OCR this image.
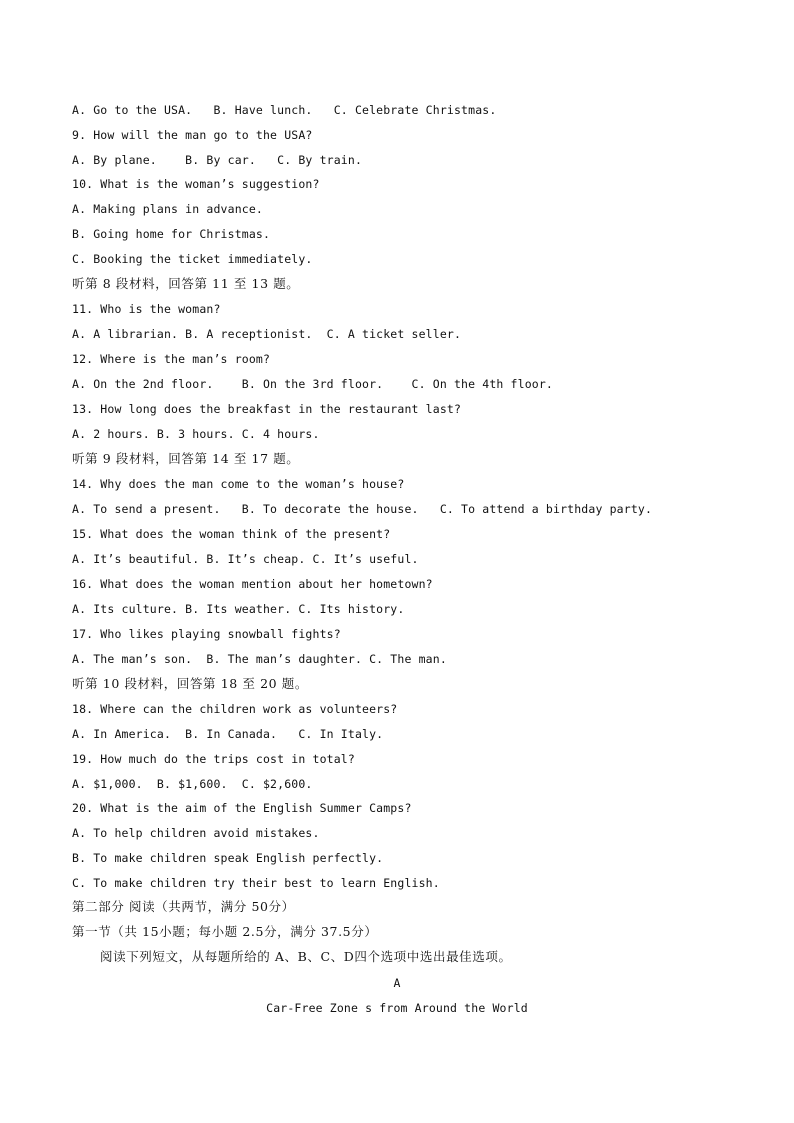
A. Go to the USA.   B. Have lunch.   C. Celebrate Christmas.
9. How will the man go to the USA?
A. By plane.    B. By car.   C. By train.
10. What is the woman’s suggestion?
A. Making plans in advance.
B. Going home for Christmas.
C. Booking the ticket immediately.
听第 8 段材料，回答第 11 至 13 题。
11. Who is the woman?
A. A librarian. B. A receptionist.  C. A ticket seller.
12. Where is the man’s room?
A. On the 2nd floor.    B. On the 3rd floor.    C. On the 4th floor.
13. How long does the breakfast in the restaurant last?
A. 2 hours. B. 3 hours. C. 4 hours.
听第 9 段材料，回答第 14 至 17 题。
14. Why does the man come to the woman’s house?
A. To send a present.   B. To decorate the house.   C. To attend a birthday party.
15. What does the woman think of the present?
A. It’s beautiful. B. It’s cheap. C. It’s useful.
16. What does the woman mention about her hometown?
A. Its culture. B. Its weather. C. Its history.
17. Who likes playing snowball fights?
A. The man’s son.  B. The man’s daughter. C. The man.
听第 10 段材料，回答第 18 至 20 题。
18. Where can the children work as volunteers?
A. In America.  B. In Canada.   C. In Italy.
19. How much do the trips cost in total?
A. $1,000.  B. $1,600.  C. $2,600.
20. What is the aim of the English Summer Camps?
A. To help children avoid mistakes.
B. To make children speak English perfectly.
C. To make children try their best to learn English.
第二部分 阅读（共两节，满分 50分）
第一节（共 15小题；每小题 2.5分，满分 37.5分）
阅读下列短文，从每题所给的 A、B、C、D四个选项中选出最佳选项。
A
Car-Free Zone s from Around the World
